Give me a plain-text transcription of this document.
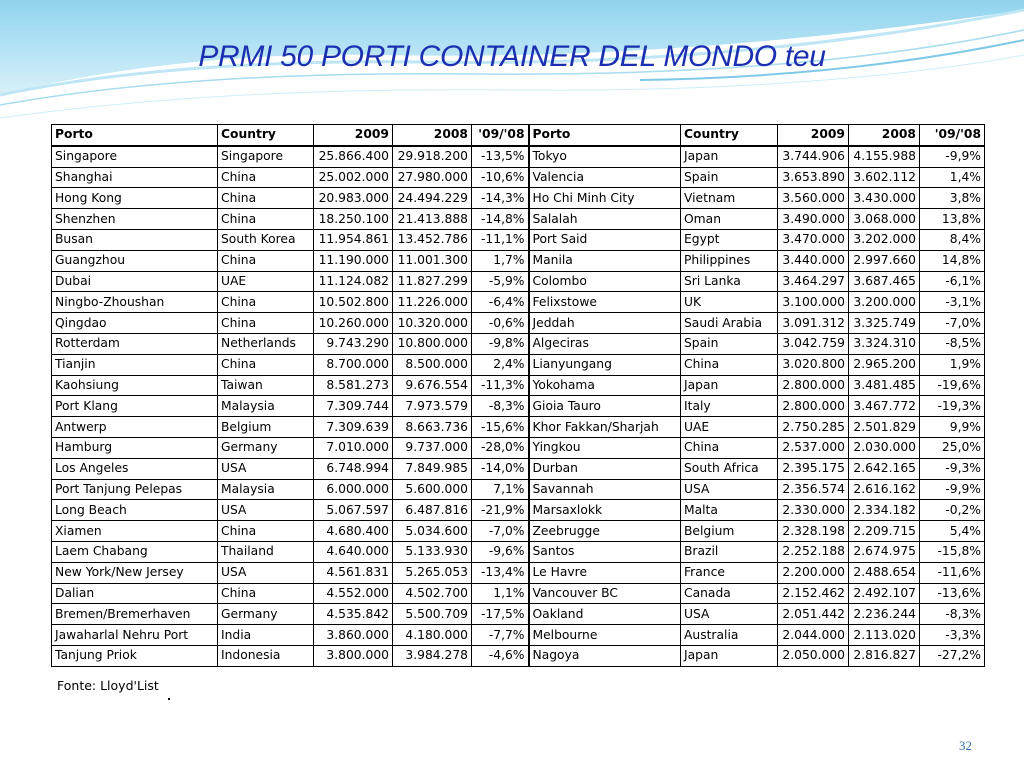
PRMI 50 PORTI CONTAINER DEL MONDO teu
Porto	Country	2009	2008	'09/'08	Porto	Country	2009	2008	'09/'08
Singapore	Singapore	25.866.400	29.918.200	-13,5%	Tokyo	Japan	3.744.906	4.155.988	-9,9%
Shanghai	China	25.002.000	27.980.000	-10,6%	Valencia	Spain	3.653.890	3.602.112	1,4%
Hong Kong	China	20.983.000	24.494.229	-14,3%	Ho Chi Minh City	Vietnam	3.560.000	3.430.000	3,8%
Shenzhen	China	18.250.100	21.413.888	-14,8%	Salalah	Oman	3.490.000	3.068.000	13,8%
Busan	South Korea	11.954.861	13.452.786	-11,1%	Port Said	Egypt	3.470.000	3.202.000	8,4%
Guangzhou	China	11.190.000	11.001.300	1,7%	Manila	Philippines	3.440.000	2.997.660	14,8%
Dubai	UAE	11.124.082	11.827.299	-5,9%	Colombo	Sri Lanka	3.464.297	3.687.465	-6,1%
Ningbo-Zhoushan	China	10.502.800	11.226.000	-6,4%	Felixstowe	UK	3.100.000	3.200.000	-3,1%
Qingdao	China	10.260.000	10.320.000	-0,6%	Jeddah	Saudi Arabia	3.091.312	3.325.749	-7,0%
Rotterdam	Netherlands	9.743.290	10.800.000	-9,8%	Algeciras	Spain	3.042.759	3.324.310	-8,5%
Tianjin	China	8.700.000	8.500.000	2,4%	Lianyungang	China	3.020.800	2.965.200	1,9%
Kaohsiung	Taiwan	8.581.273	9.676.554	-11,3%	Yokohama	Japan	2.800.000	3.481.485	-19,6%
Port Klang	Malaysia	7.309.744	7.973.579	-8,3%	Gioia Tauro	Italy	2.800.000	3.467.772	-19,3%
Antwerp	Belgium	7.309.639	8.663.736	-15,6%	Khor Fakkan/Sharjah	UAE	2.750.285	2.501.829	9,9%
Hamburg	Germany	7.010.000	9.737.000	-28,0%	Yingkou	China	2.537.000	2.030.000	25,0%
Los Angeles	USA	6.748.994	7.849.985	-14,0%	Durban	South Africa	2.395.175	2.642.165	-9,3%
Port Tanjung Pelepas	Malaysia	6.000.000	5.600.000	7,1%	Savannah	USA	2.356.574	2.616.162	-9,9%
Long Beach	USA	5.067.597	6.487.816	-21,9%	Marsaxlokk	Malta	2.330.000	2.334.182	-0,2%
Xiamen	China	4.680.400	5.034.600	-7,0%	Zeebrugge	Belgium	2.328.198	2.209.715	5,4%
Laem Chabang	Thailand	4.640.000	5.133.930	-9,6%	Santos	Brazil	2.252.188	2.674.975	-15,8%
New York/New Jersey	USA	4.561.831	5.265.053	-13,4%	Le Havre	France	2.200.000	2.488.654	-11,6%
Dalian	China	4.552.000	4.502.700	1,1%	Vancouver BC	Canada	2.152.462	2.492.107	-13,6%
Bremen/Bremerhaven	Germany	4.535.842	5.500.709	-17,5%	Oakland	USA	2.051.442	2.236.244	-8,3%
Jawaharlal Nehru Port	India	3.860.000	4.180.000	-7,7%	Melbourne	Australia	2.044.000	2.113.020	-3,3%
Tanjung Priok	Indonesia	3.800.000	3.984.278	-4,6%	Nagoya	Japan	2.050.000	2.816.827	-27,2%
Fonte: Lloyd'List
32
